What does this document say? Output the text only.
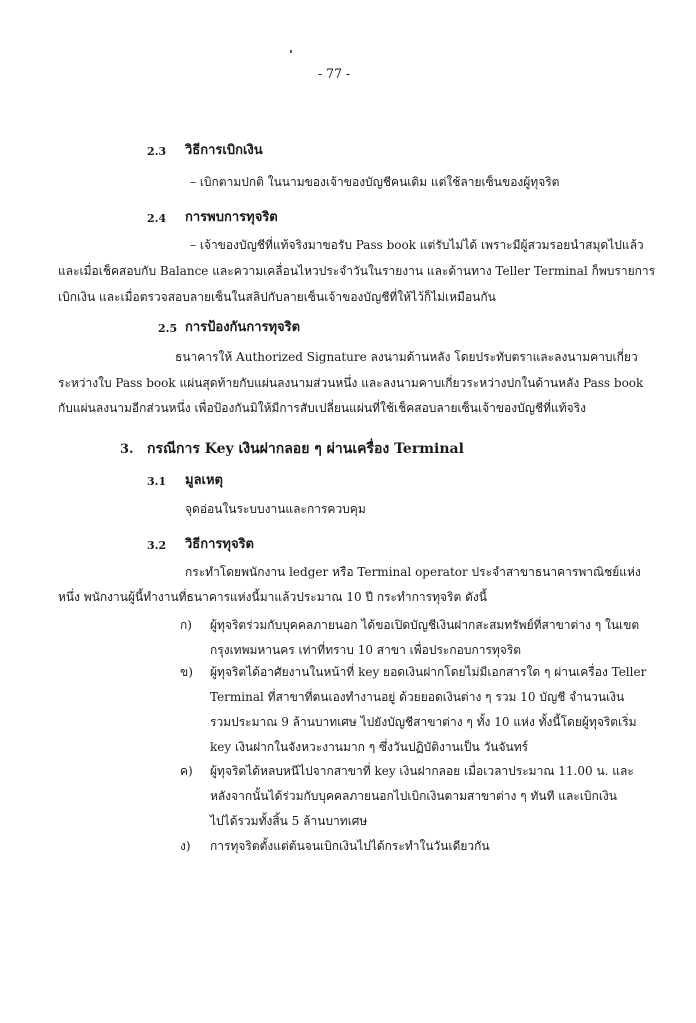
- 77 -
2.3 วิธีการเบิกเงิน
– เบิกตามปกติ ในนามของเจ้าของบัญชีคนเดิม แต่ใช้ลายเซ็นของผู้ทุจริต
2.4 การพบการทุจริต
– เจ้าของบัญชีที่แท้จริงมาขอรับ Pass book แต่รับไม่ได้ เพราะมีผู้สวมรอยนำสมุดไปแล้ว
และเมื่อเช็คสอบกับ Balance และความเคลื่อนไหวประจำวันในรายงาน และด้านทาง Teller Terminal ก็พบรายการ
เบิกเงิน และเมื่อตรวจสอบลายเซ็นในสลิปกับลายเซ็นเจ้าของบัญชีที่ให้ไว้ก็ไม่เหมือนกัน
2.5 การป้องกันการทุจริต
ธนาคารให้ Authorized Signature ลงนามด้านหลัง โดยประทับตราและลงนามคาบเกี่ยว
ระหว่างใบ Pass book แผ่นสุดท้ายกับแผ่นลงนามส่วนหนึ่ง และลงนามคาบเกี่ยวระหว่างปกในด้านหลัง Pass book
กับแผ่นลงนามอีกส่วนหนึ่ง เพื่อป้องกันมิให้มีการสับเปลี่ยนแผ่นที่ใช้เช็คสอบลายเซ็นเจ้าของบัญชีที่แท้จริง
3. กรณีการ Key เงินฝากลอย ๆ ผ่านเครื่อง Terminal
3.1 มูลเหตุ
จุดอ่อนในระบบงานและการควบคุม
3.2 วิธีการทุจริต
กระทำโดยพนักงาน ledger หรือ Terminal operator ประจำสาขาธนาคารพาณิชย์แห่ง
หนึ่ง พนักงานผู้นี้ทำงานที่ธนาคารแห่งนี้มาแล้วประมาณ 10 ปี กระทำการทุจริต ดังนี้
ก) ผู้ทุจริตร่วมกับบุคคลภายนอก ได้ขอเปิดบัญชีเงินฝากสะสมทรัพย์ที่สาขาต่าง ๆ ในเขต
กรุงเทพมหานคร เท่าที่ทราบ 10 สาขา เพื่อประกอบการทุจริต
ข) ผู้ทุจริตได้อาศัยงานในหน้าที่ key ยอดเงินฝากโดยไม่มีเอกสารใด ๆ ผ่านเครื่อง Teller
Terminal ที่สาขาที่ตนเองทำงานอยู่ ด้วยยอดเงินต่าง ๆ รวม 10 บัญชี จำนวนเงิน
รวมประมาณ 9 ล้านบาทเศษ ไปยังบัญชีสาขาต่าง ๆ ทั้ง 10 แห่ง ทั้งนี้โดยผู้ทุจริตเริ่ม
key เงินฝากในจังหวะงานมาก ๆ ซึ่งวันปฏิบัติงานเป็น วันจันทร์
ค) ผู้ทุจริตได้หลบหนีไปจากสาขาที่ key เงินฝากลอย เมื่อเวลาประมาณ 11.00 น. และ
หลังจากนั้นได้ร่วมกับบุคคลภายนอกไปเบิกเงินตามสาขาต่าง ๆ ทันที และเบิกเงิน
ไปได้รวมทั้งสิ้น 5 ล้านบาทเศษ
ง) การทุจริตตั้งแต่ต้นจนเบิกเงินไปได้กระทำในวันเดียวกัน
